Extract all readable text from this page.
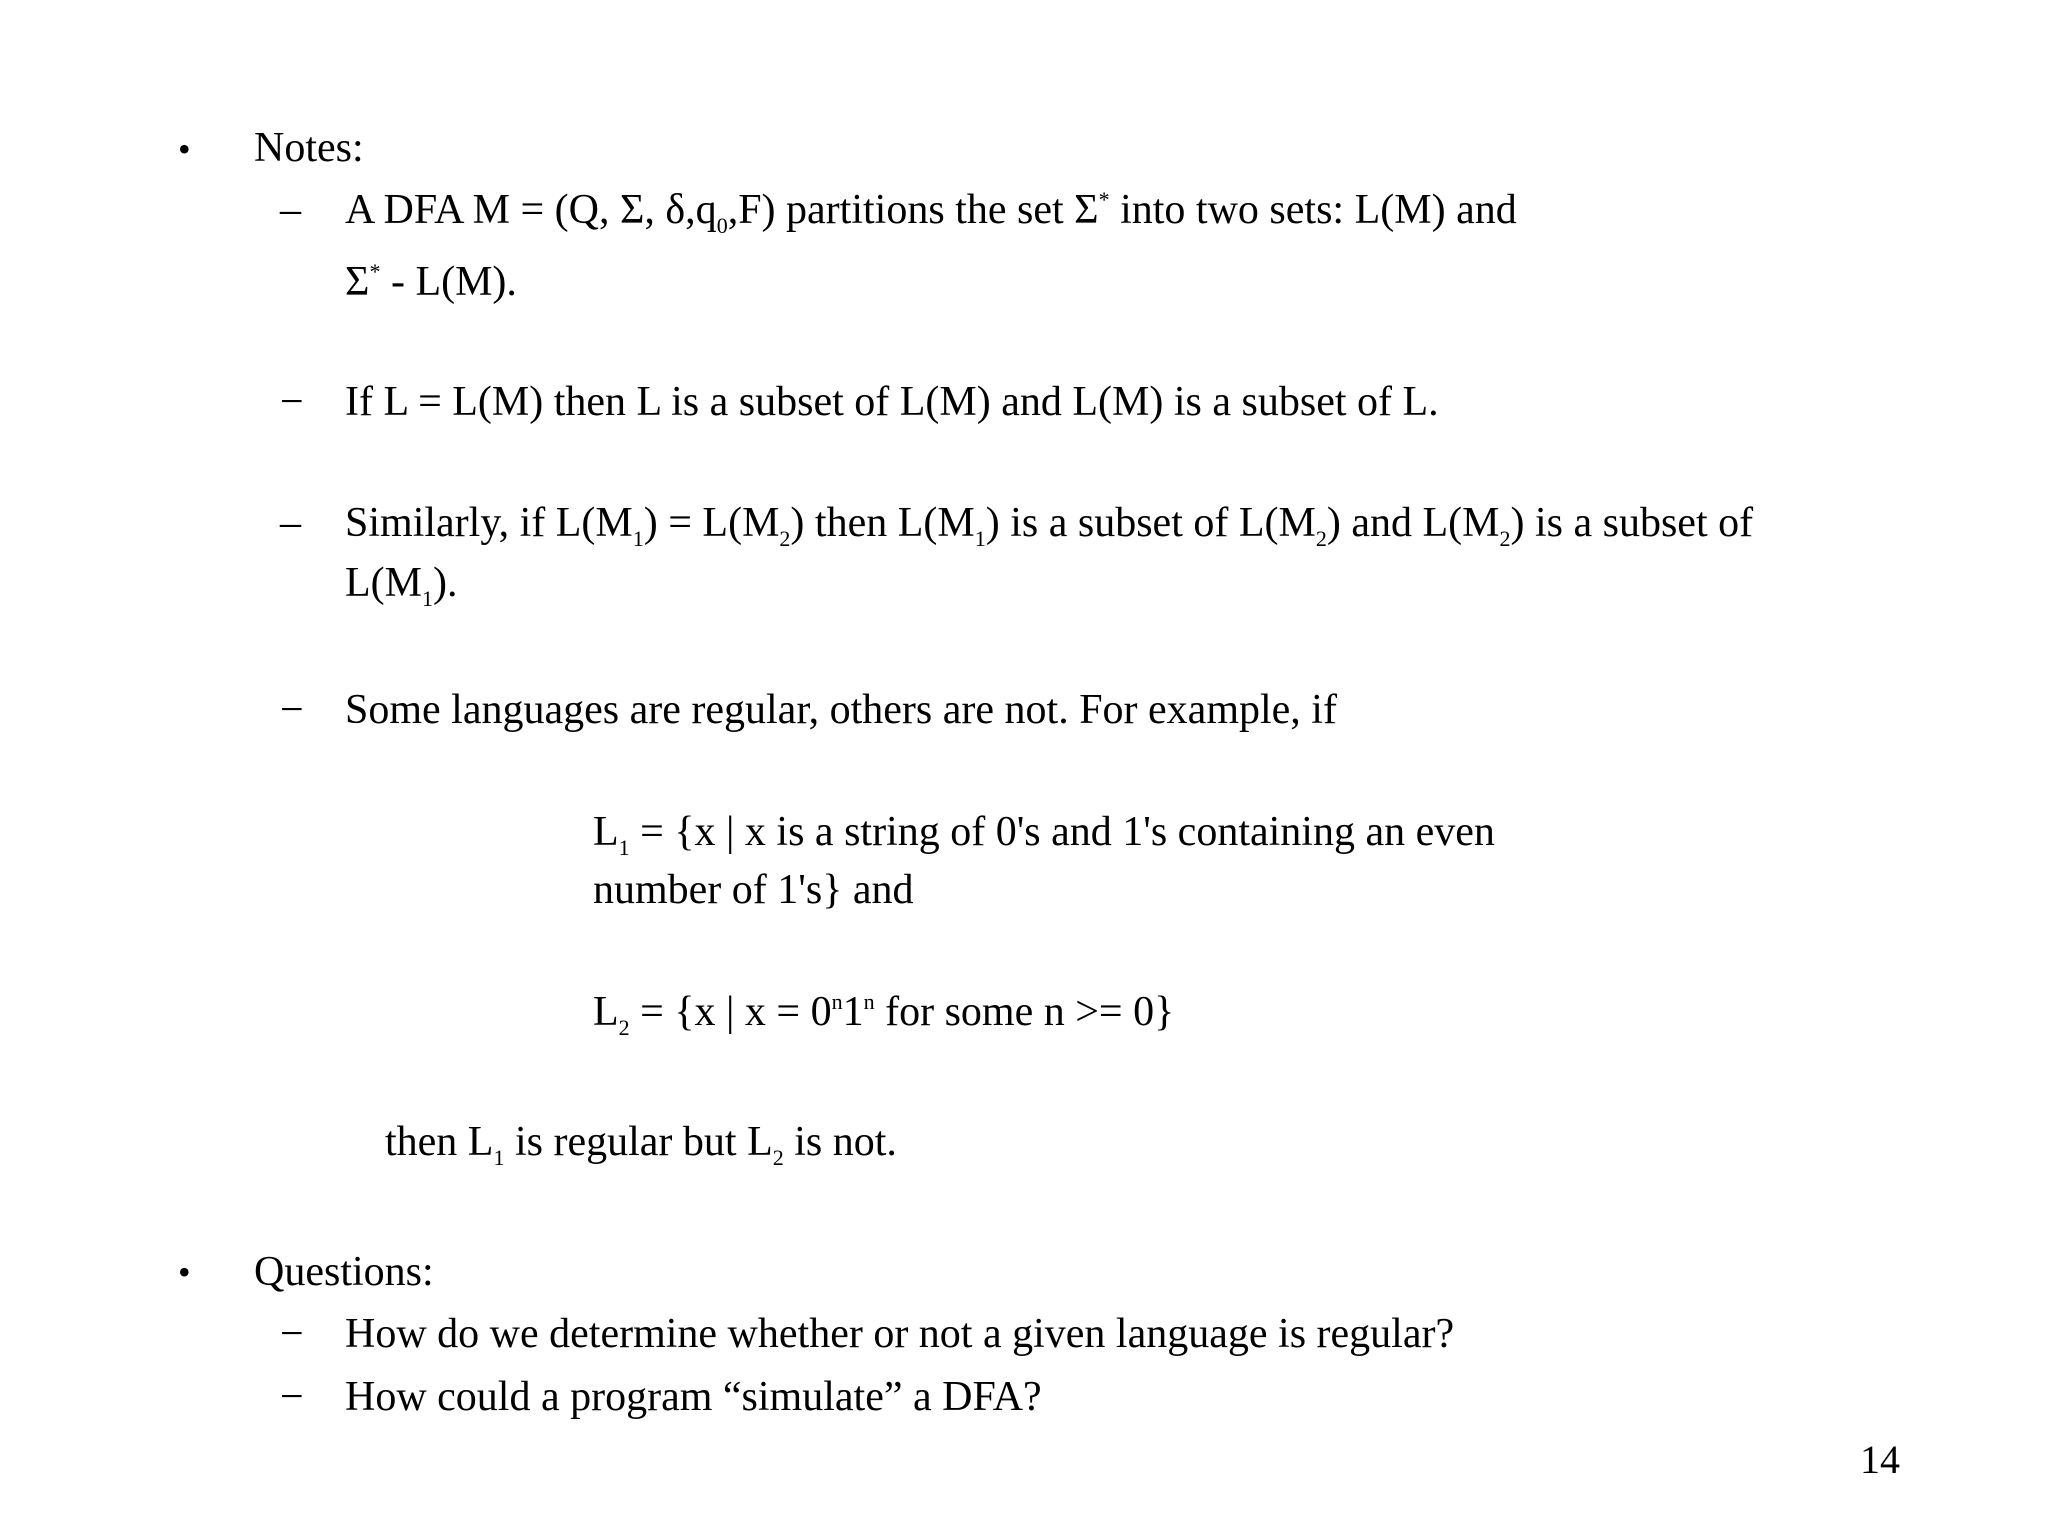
• Notes:
– A DFA M = (Q, Σ, $\delta,q_0,F$) partitions the set Σ* into two sets: L(M) and
Σ* - L(M).
− If L = L(M) then L is a subset of L(M) and L(M) is a subset of L.
– Similarly, if $L(M_1) = L(M_2)$ then $L(M_1)$ is a subset of $L(M_2)$ and $L(M_2)$ is a subset of
$L(M_1)$.
− Some languages are regular, others are not. For example, if
$L_1 = \{x$ | x is a string of 0's and 1's containing an even
number of 1's} and
$L_2 = \{x$ | $x = 0^n1^n$ for some n >= 0}
then $L_1$ is regular but $L_2$ is not.
• Questions:
− How do we determine whether or not a given language is regular?
− How could a program “simulate” a DFA?
14
